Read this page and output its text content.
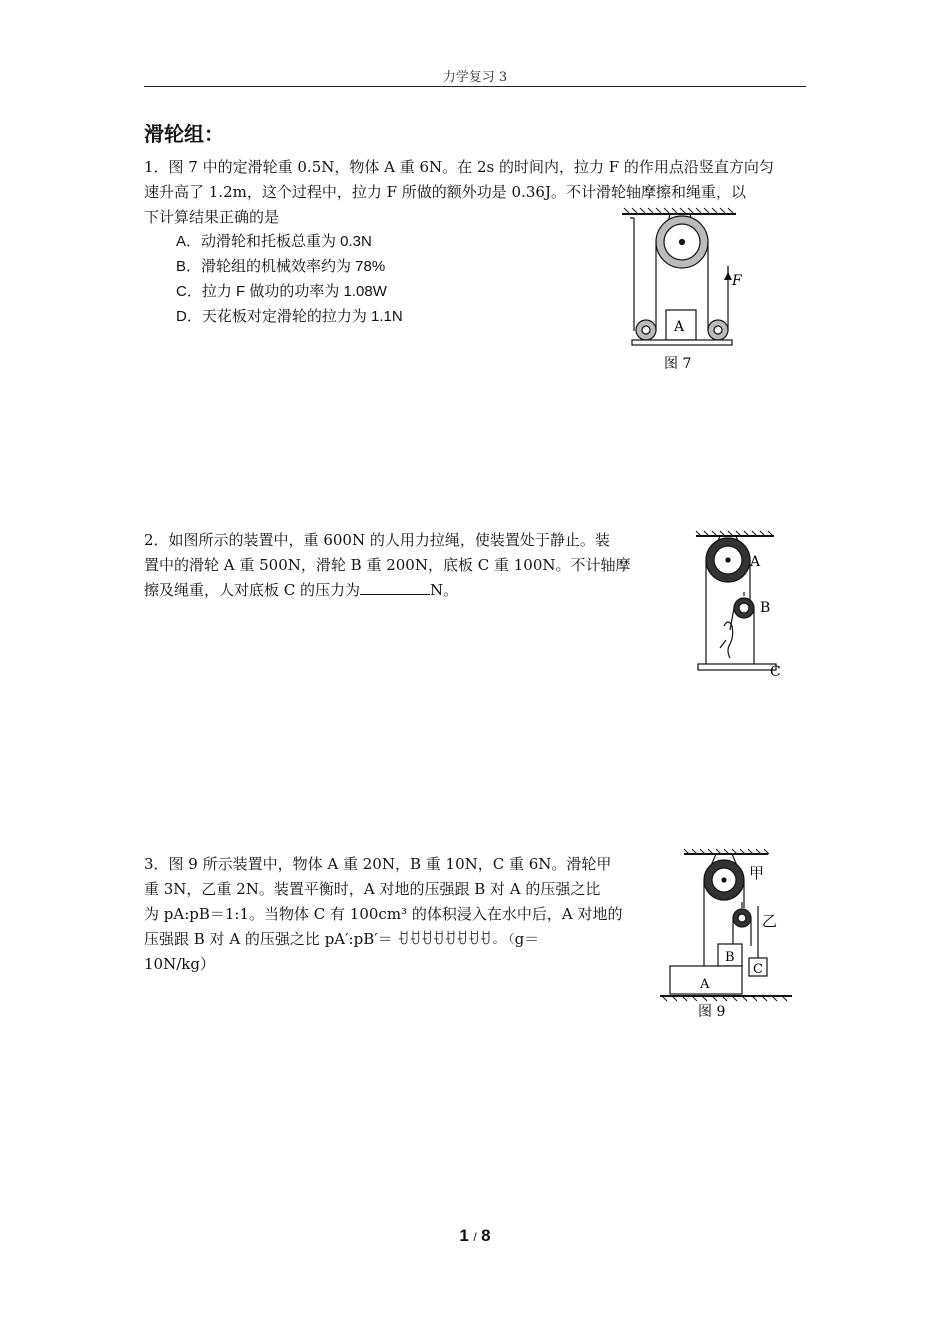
力学复习 3
滑轮组：
1．图 7 中的定滑轮重 0.5N，物体 A 重 6N。在 2s 的时间内，拉力 F 的作用点沿竖直方向匀
速升高了 1.2m，这个过程中，拉力 F 所做的额外功是 0.36J。不计滑轮轴摩擦和绳重，以
下计算结果正确的是
A．动滑轮和托板总重为 0.3N
B．滑轮组的机械效率约为 78%
C．拉力 F 做功的功率为 1.08W
D．天花板对定滑轮的拉力为 1.1N
F
A
图 7
2．如图所示的装置中，重 600N 的人用力拉绳，使装置处于静止。装
置中的滑轮 A 重 500N，滑轮 B 重 200N，底板 C 重 100N。不计轴摩
擦及绳重，人对底板 C 的压力为	N。
A
B
C
3．图 9 所示装置中，物体 A 重 20N，B 重 10N，C 重 6N。滑轮甲
重 3N，乙重 2N。装置平衡时，A 对地的压强跟 B 对 A 的压强之比
为 pA:pB＝1:1。当物体 C 有 100cm³ 的体积浸入在水中后，A 对地的
压强跟 B 对 A 的压强之比 pA′:pB′＝ ꀀꀀꀀꀀꀀꀀꀀꀀ。（g＝
10N/kg）
甲
乙
A
B
C
图 9
1 / 8
